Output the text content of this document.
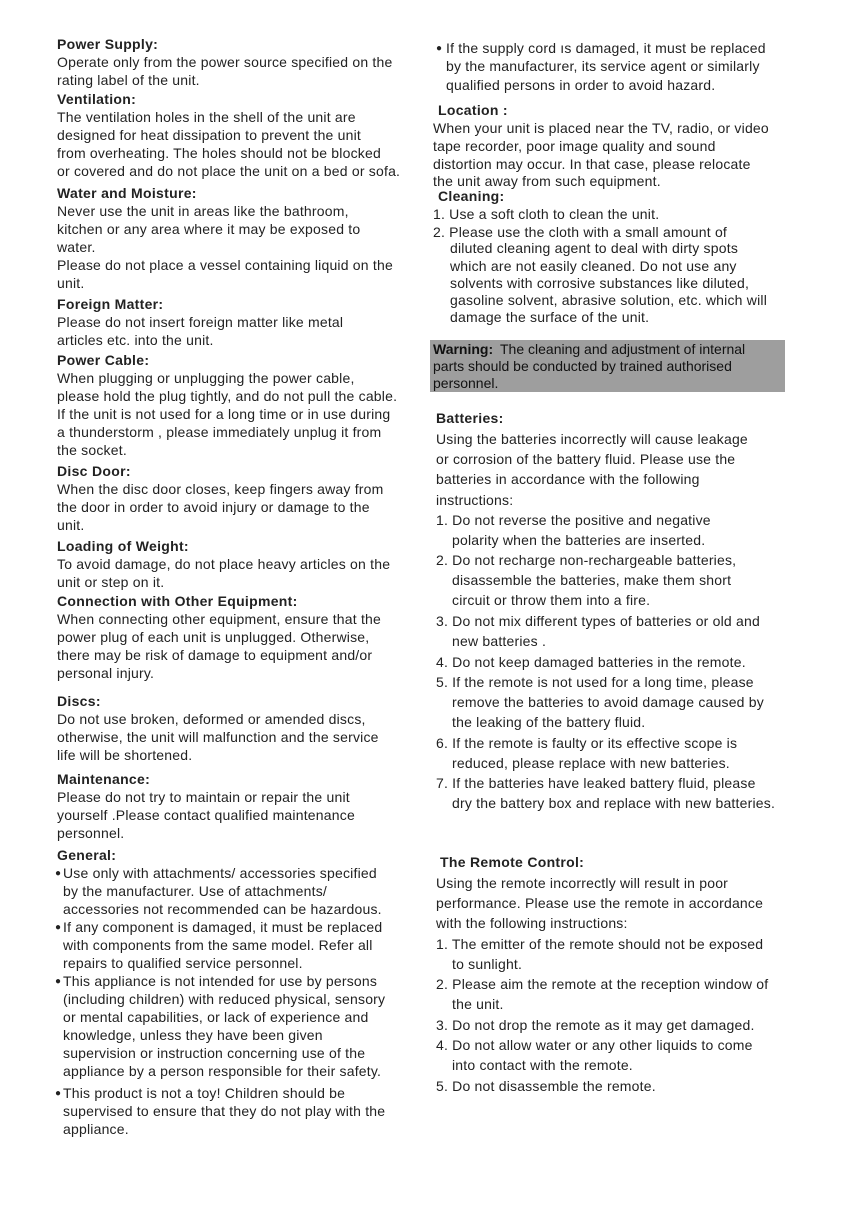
Power Supply:
Operate only from the power source specified on the
rating label of the unit.
Ventilation:
The ventilation holes in the shell of the unit are
designed for heat dissipation to prevent the unit
from overheating. The holes should not be blocked
or covered and do not place the unit on a bed or sofa.
Water and Moisture:
Never use the unit in areas like the bathroom,
kitchen or any area where it may be exposed to
water.
Please do not place a vessel containing liquid on the
unit.
Foreign Matter:
Please do not insert foreign matter like metal
articles etc. into the unit.
Power Cable:
When plugging or unplugging the power cable,
please hold the plug tightly, and do not pull the cable.
If the unit is not used for a long time or in use during
a thunderstorm , please immediately unplug it from
the socket.
Disc Door:
When the disc door closes, keep fingers away from
the door in order to avoid injury or damage to the
unit.
Loading of Weight:
To avoid damage, do not place heavy articles on the
unit or step on it.
Connection with Other Equipment:
When connecting other equipment, ensure that the
power plug of each unit is unplugged. Otherwise,
there may be risk of damage to equipment and/or
personal injury.
Discs:
Do not use broken, deformed or amended discs,
otherwise, the unit will malfunction and the service
life will be shortened.
Maintenance:
Please do not try to maintain or repair the unit
yourself .Please contact qualified maintenance
personnel.
General:
● Use only with attachments/ accessories specified
by the manufacturer. Use of attachments/
accessories not recommended can be hazardous.
● If any component is damaged, it must be replaced
with components from the same model. Refer all
repairs to qualified service personnel.
● This appliance is not intended for use by persons
(including children) with reduced physical, sensory
or mental capabilities, or lack of experience and
knowledge, unless they have been given
supervision or instruction concerning use of the
appliance by a person responsible for their safety.
● This product is not a toy! Children should be
supervised to ensure that they do not play with the
appliance.
● If the supply cord ıs damaged, it must be replaced
by the manufacturer, its service agent or similarly
qualified persons in order to avoid hazard.
Location :
When your unit is placed near the TV, radio, or video
tape recorder, poor image quality and sound
distortion may occur. In that case, please relocate
the unit away from such equipment.
Cleaning:
1. Use a soft cloth to clean the unit.
2. Please use the cloth with a small amount of
diluted cleaning agent to deal with dirty spots
which are not easily cleaned. Do not use any
solvents with corrosive substances like diluted,
gasoline solvent, abrasive solution, etc. which will
damage the surface of the unit.
Batteries:
Using the batteries incorrectly will cause leakage
or corrosion of the battery fluid. Please use the
batteries in accordance with the following
instructions:
1. Do not reverse the positive and negative
polarity when the batteries are inserted.
2. Do not recharge non-rechargeable batteries,
disassemble the batteries, make them short
circuit or throw them into a fire.
3. Do not mix different types of batteries or old and
new batteries .
4. Do not keep damaged batteries in the remote.
5. If the remote is not used for a long time, please
remove the batteries to avoid damage caused by
the leaking of the battery fluid.
6. If the remote is faulty or its effective scope is
reduced, please replace with new batteries.
7. If the batteries have leaked battery fluid, please
dry the battery box and replace with new batteries.
The Remote Control:
Using the remote incorrectly will result in poor
performance. Please use the remote in accordance
with the following instructions:
1. The emitter of the remote should not be exposed
to sunlight.
2. Please aim the remote at the reception window of
the unit.
3. Do not drop the remote as it may get damaged.
4. Do not allow water or any other liquids to come
into contact with the remote.
5. Do not disassemble the remote.
Warning: The cleaning and adjustment of internal
parts should be conducted by trained authorised
personnel.
